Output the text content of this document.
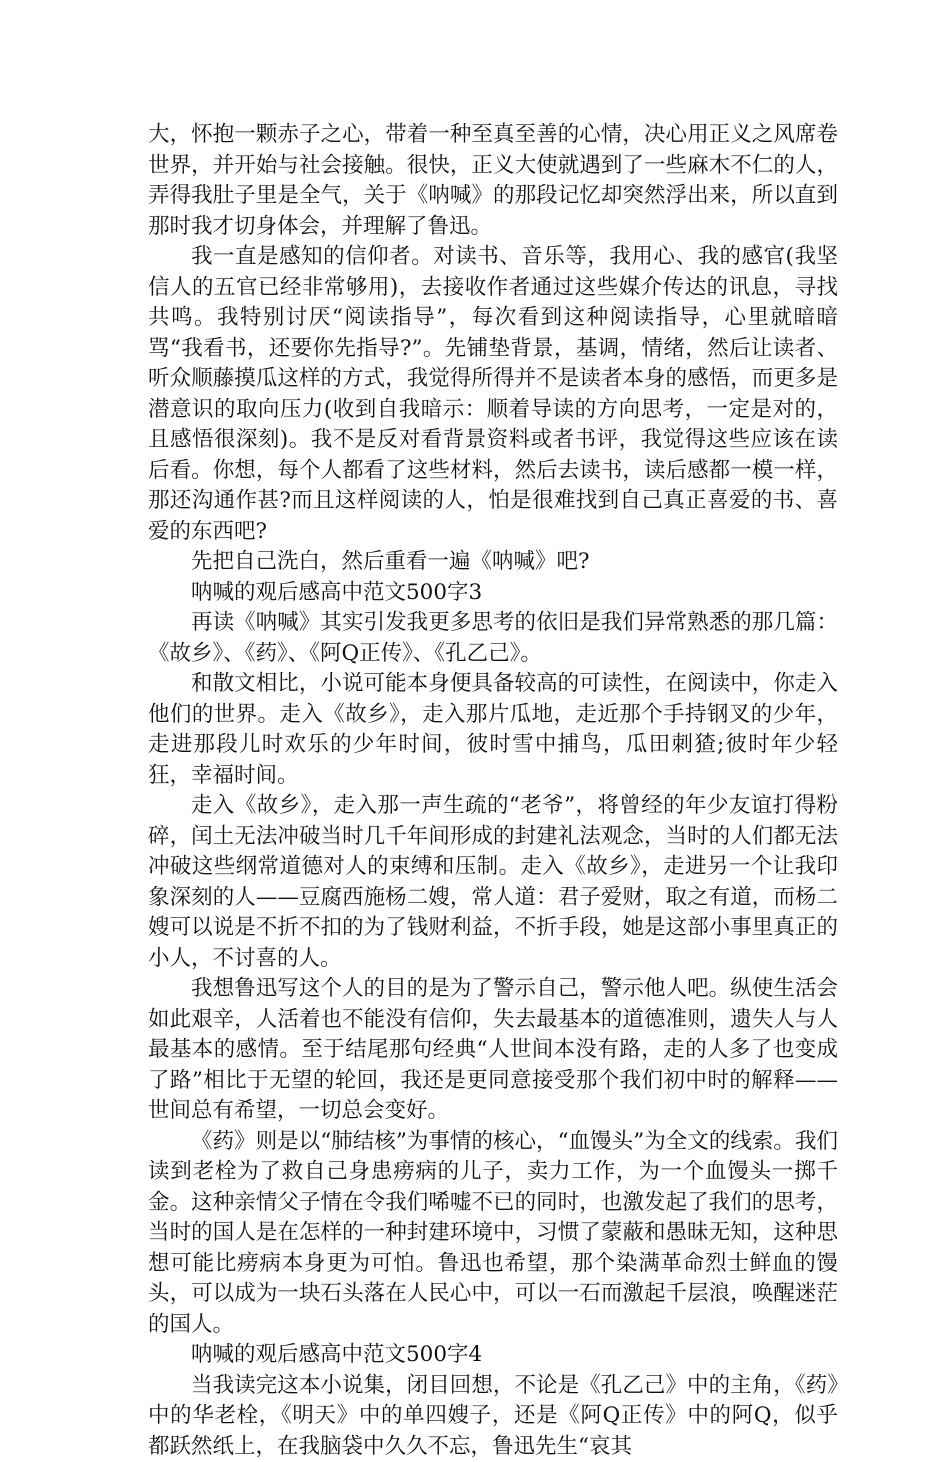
大，怀抱一颗赤子之心，带着一种至真至善的心情，决心用正义之风席卷世界，并开始与社会接触。很快，正义大使就遇到了一些麻木不仁的人，弄得我肚子里是全气，关于《呐喊》的那段记忆却突然浮出来，所以直到那时我才切身体会，并理解了鲁迅。

我一直是感知的信仰者。对读书、音乐等，我用心、我的感官(我坚信人的五官已经非常够用)，去接收作者通过这些媒介传达的讯息，寻找共鸣。我特别讨厌“阅读指导”，每次看到这种阅读指导，心里就暗暗骂“我看书，还要你先指导?”。先铺垫背景，基调，情绪，然后让读者、听众顺藤摸瓜这样的方式，我觉得所得并不是读者本身的感悟，而更多是潜意识的取向压力(收到自我暗示：顺着导读的方向思考，一定是对的，且感悟很深刻)。我不是反对看背景资料或者书评，我觉得这些应该在读后看。你想，每个人都看了这些材料，然后去读书，读后感都一模一样，那还沟通作甚?而且这样阅读的人，怕是很难找到自己真正喜爱的书、喜爱的东西吧?

先把自己洗白，然后重看一遍《呐喊》吧?

呐喊的观后感高中范文500字3

再读《呐喊》其实引发我更多思考的依旧是我们异常熟悉的那几篇：《故乡》、《药》、《阿Q正传》、《孔乙己》。

和散文相比，小说可能本身便具备较高的可读性，在阅读中，你走入他们的世界。走入《故乡》，走入那片瓜地，走近那个手持钢叉的少年，走进那段儿时欢乐的少年时间，彼时雪中捕鸟，瓜田刺猹;彼时年少轻狂，幸福时间。

走入《故乡》，走入那一声生疏的“老爷”，将曾经的年少友谊打得粉碎，闰土无法冲破当时几千年间形成的封建礼法观念，当时的人们都无法冲破这些纲常道德对人的束缚和压制。走入《故乡》，走进另一个让我印象深刻的人——豆腐西施杨二嫂，常人道：君子爱财，取之有道，而杨二嫂可以说是不折不扣的为了钱财利益，不折手段，她是这部小事里真正的小人，不讨喜的人。

我想鲁迅写这个人的目的是为了警示自己，警示他人吧。纵使生活会如此艰辛，人活着也不能没有信仰，失去最基本的道德准则，遗失人与人最基本的感情。至于结尾那句经典“人世间本没有路，走的人多了也变成了路”相比于无望的轮回，我还是更同意接受那个我们初中时的解释——世间总有希望，一切总会变好。

《药》则是以“肺结核”为事情的核心，“血馒头”为全文的线索。我们读到老栓为了救自己身患痨病的儿子，卖力工作，为一个血馒头一掷千金。这种亲情父子情在令我们唏嘘不已的同时，也激发起了我们的思考，当时的国人是在怎样的一种封建环境中，习惯了蒙蔽和愚昧无知，这种思想可能比痨病本身更为可怕。鲁迅也希望，那个染满革命烈士鲜血的馒头，可以成为一块石头落在人民心中，可以一石而激起千层浪，唤醒迷茫的国人。

呐喊的观后感高中范文500字4

当我读完这本小说集，闭目回想，不论是《孔乙己》中的主角，《药》中的华老栓，《明天》中的单四嫂子，还是《阿Q正传》中的阿Q，似乎都跃然纸上，在我脑袋中久久不忘，鲁迅先生“哀其
